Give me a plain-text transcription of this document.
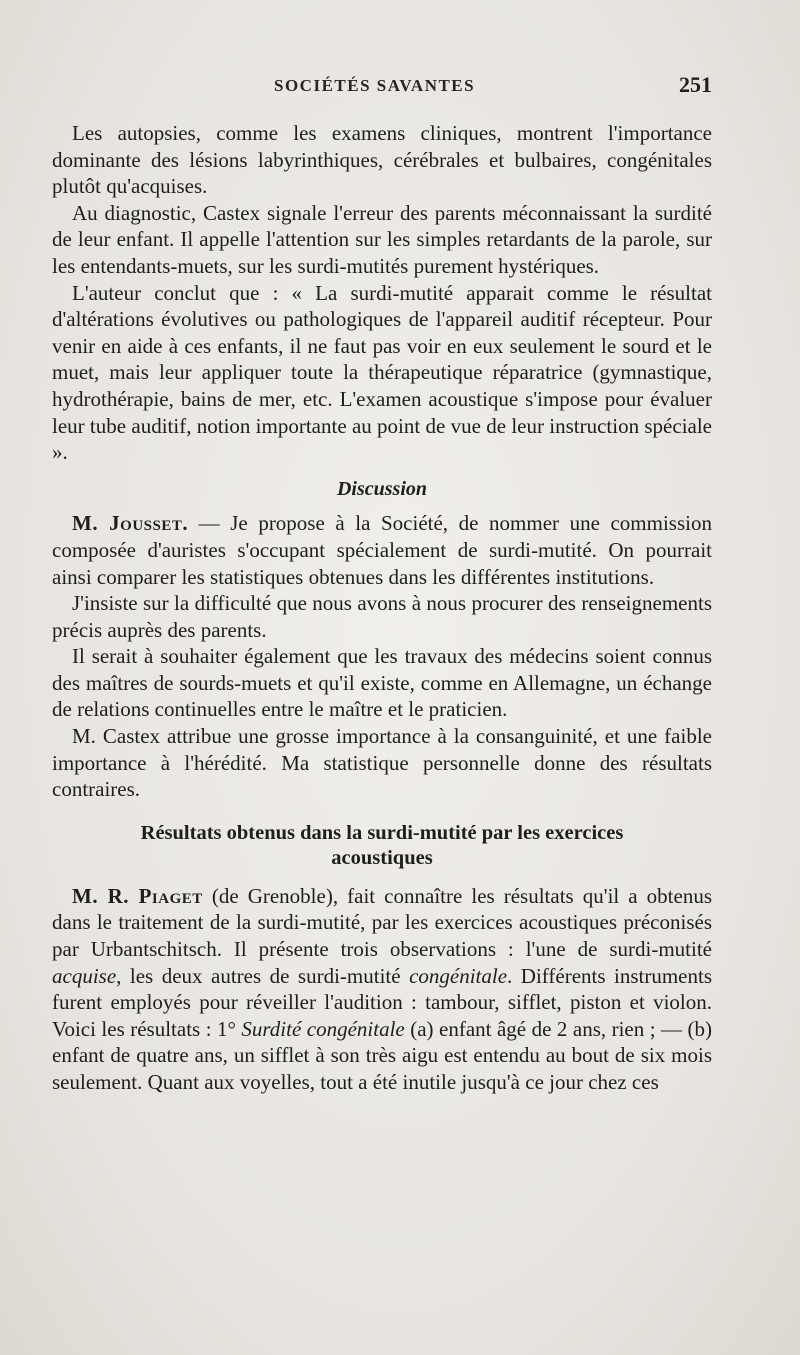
SOCIÉTÉS SAVANTES	251

Les autopsies, comme les examens cliniques, montrent l'importance dominante des lésions labyrinthiques, cérébrales et bulbaires, congénitales plutôt qu'acquises.

Au diagnostic, Castex signale l'erreur des parents méconnaissant la surdité de leur enfant. Il appelle l'attention sur les simples retardants de la parole, sur les entendants-muets, sur les surdi-mutités purement hystériques.

L'auteur conclut que : « La surdi-mutité apparait comme le résultat d'altérations évolutives ou pathologiques de l'appareil auditif récepteur. Pour venir en aide à ces enfants, il ne faut pas voir en eux seulement le sourd et le muet, mais leur appliquer toute la thérapeutique réparatrice (gymnastique, hydrothérapie, bains de mer, etc. L'examen acoustique s'impose pour évaluer leur tube auditif, notion importante au point de vue de leur instruction spéciale ».

Discussion

M. Jousset. — Je propose à la Société, de nommer une commission composée d'auristes s'occupant spécialement de surdi-mutité. On pourrait ainsi comparer les statistiques obtenues dans les différentes institutions.

J'insiste sur la difficulté que nous avons à nous procurer des renseignements précis auprès des parents.

Il serait à souhaiter également que les travaux des médecins soient connus des maîtres de sourds-muets et qu'il existe, comme en Allemagne, un échange de relations continuelles entre le maître et le praticien.

M. Castex attribue une grosse importance à la consanguinité, et une faible importance à l'hérédité. Ma statistique personnelle donne des résultats contraires.

Résultats obtenus dans la surdi-mutité par les exercices
acoustiques

M. R. Piaget (de Grenoble), fait connaître les résultats qu'il a obtenus dans le traitement de la surdi-mutité, par les exercices acoustiques préconisés par Urbantschitsch. Il présente trois observations : l'une de surdi-mutité acquise, les deux autres de surdi-mutité congénitale. Différents instruments furent employés pour réveiller l'audition : tambour, sifflet, piston et violon. Voici les résultats : 1° Surdité congénitale (a) enfant âgé de 2 ans, rien ; — (b) enfant de quatre ans, un sifflet à son très aigu est entendu au bout de six mois seulement. Quant aux voyelles, tout a été inutile jusqu'à ce jour chez ces
